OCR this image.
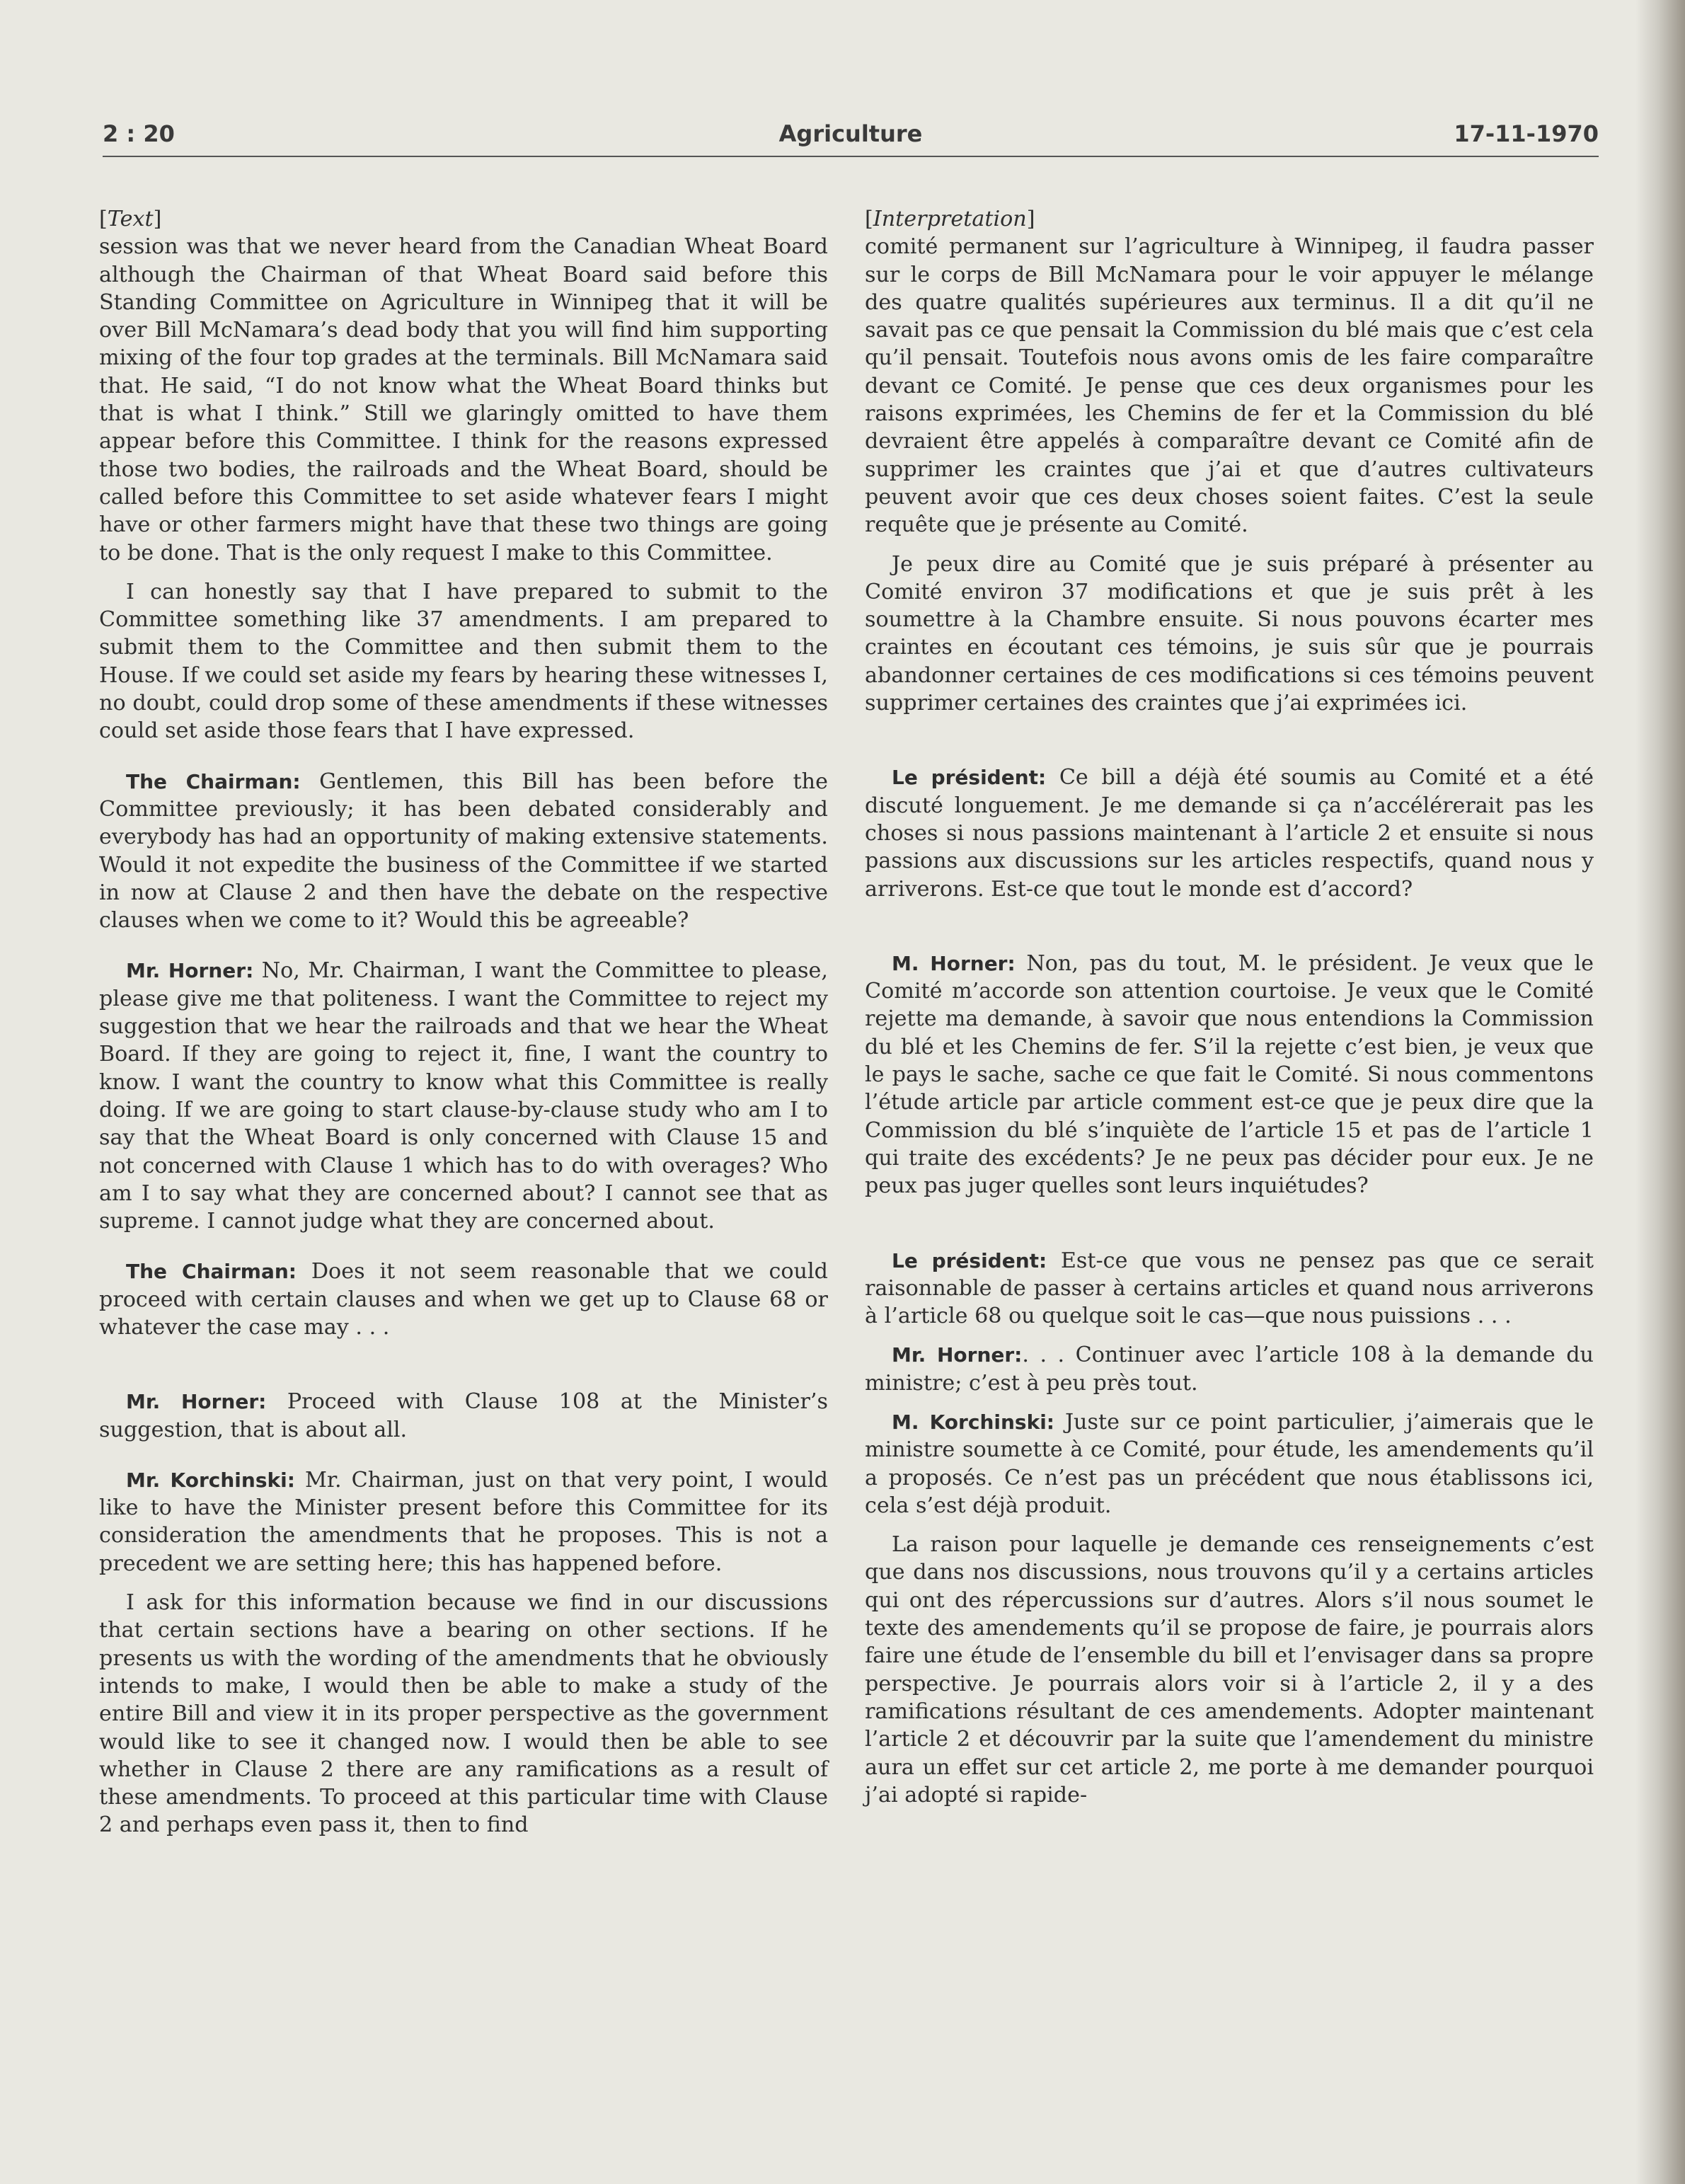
2 : 20	Agriculture	17-11-1970

[Text]

session was that we never heard from the Canadian Wheat Board although the Chairman of that Wheat Board said before this Standing Committee on Agriculture in Winnipeg that it will be over Bill McNamara’s dead body that you will find him supporting mixing of the four top grades at the terminals. Bill McNamara said that. He said, “I do not know what the Wheat Board thinks but that is what I think.” Still we glaringly omitted to have them appear before this Committee. I think for the reasons expressed those two bodies, the railroads and the Wheat Board, should be called before this Committee to set aside whatever fears I might have or other farmers might have that these two things are going to be done. That is the only request I make to this Committee.

I can honestly say that I have prepared to submit to the Committee something like 37 amendments. I am prepared to submit them to the Committee and then submit them to the House. If we could set aside my fears by hearing these witnesses I, no doubt, could drop some of these amendments if these witnesses could set aside those fears that I have expressed.

The Chairman: Gentlemen, this Bill has been before the Committee previously; it has been debated considerably and everybody has had an opportunity of making extensive statements. Would it not expedite the business of the Committee if we started in now at Clause 2 and then have the debate on the respective clauses when we come to it? Would this be agreeable?

Mr. Horner: No, Mr. Chairman, I want the Committee to please, please give me that politeness. I want the Committee to reject my suggestion that we hear the railroads and that we hear the Wheat Board. If they are going to reject it, fine, I want the country to know. I want the country to know what this Committee is really doing. If we are going to start clause-by-clause study who am I to say that the Wheat Board is only concerned with Clause 15 and not concerned with Clause 1 which has to do with overages? Who am I to say what they are concerned about? I cannot see that as supreme. I cannot judge what they are concerned about.

The Chairman: Does it not seem reasonable that we could proceed with certain clauses and when we get up to Clause 68 or whatever the case may . . .

Mr. Horner: Proceed with Clause 108 at the Minister’s suggestion, that is about all.

Mr. Korchinski: Mr. Chairman, just on that very point, I would like to have the Minister present before this Committee for its consideration the amendments that he proposes. This is not a precedent we are setting here; this has happened before.

I ask for this information because we find in our discussions that certain sections have a bearing on other sections. If he presents us with the wording of the amendments that he obviously intends to make, I would then be able to make a study of the entire Bill and view it in its proper perspective as the government would like to see it changed now. I would then be able to see whether in Clause 2 there are any ramifications as a result of these amendments. To proceed at this particular time with Clause 2 and perhaps even pass it, then to find

[Interpretation]

comité permanent sur l’agriculture à Winnipeg, il faudra passer sur le corps de Bill McNamara pour le voir appuyer le mélange des quatre qualités supérieures aux terminus. Il a dit qu’il ne savait pas ce que pensait la Commission du blé mais que c’est cela qu’il pensait. Toutefois nous avons omis de les faire comparaître devant ce Comité. Je pense que ces deux organismes pour les raisons exprimées, les Chemins de fer et la Commission du blé devraient être appelés à comparaître devant ce Comité afin de supprimer les craintes que j’ai et que d’autres cultivateurs peuvent avoir que ces deux choses soient faites. C’est la seule requête que je présente au Comité.

Je peux dire au Comité que je suis préparé à présenter au Comité environ 37 modifications et que je suis prêt à les soumettre à la Chambre ensuite. Si nous pouvons écarter mes craintes en écoutant ces témoins, je suis sûr que je pourrais abandonner certaines de ces modifications si ces témoins peuvent supprimer certaines des craintes que j’ai exprimées ici.

Le président: Ce bill a déjà été soumis au Comité et a été discuté longuement. Je me demande si ça n’accélérerait pas les choses si nous passions maintenant à l’article 2 et ensuite si nous passions aux discussions sur les articles respectifs, quand nous y arriverons. Est-ce que tout le monde est d’accord?

M. Horner: Non, pas du tout, M. le président. Je veux que le Comité m’accorde son attention courtoise. Je veux que le Comité rejette ma demande, à savoir que nous entendions la Commission du blé et les Chemins de fer. S’il la rejette c’est bien, je veux que le pays le sache, sache ce que fait le Comité. Si nous commentons l’étude article par article comment est-ce que je peux dire que la Commission du blé s’inquiète de l’article 15 et pas de l’article 1 qui traite des excédents? Je ne peux pas décider pour eux. Je ne peux pas juger quelles sont leurs inquiétudes?

Le président: Est-ce que vous ne pensez pas que ce serait raisonnable de passer à certains articles et quand nous arriverons à l’article 68 ou quelque soit le cas—que nous puissions . . .

Mr. Horner:. . . Continuer avec l’article 108 à la demande du ministre; c’est à peu près tout.

M. Korchinski: Juste sur ce point particulier, j’aimerais que le ministre soumette à ce Comité, pour étude, les amendements qu’il a proposés. Ce n’est pas un précédent que nous établissons ici, cela s’est déjà produit.

La raison pour laquelle je demande ces renseignements c’est que dans nos discussions, nous trouvons qu’il y a certains articles qui ont des répercussions sur d’autres. Alors s’il nous soumet le texte des amendements qu’il se propose de faire, je pourrais alors faire une étude de l’ensemble du bill et l’envisager dans sa propre perspective. Je pourrais alors voir si à l’article 2, il y a des ramifications résultant de ces amendements. Adopter maintenant l’article 2 et découvrir par la suite que l’amendement du ministre aura un effet sur cet article 2, me porte à me demander pourquoi j’ai adopté si rapide-
